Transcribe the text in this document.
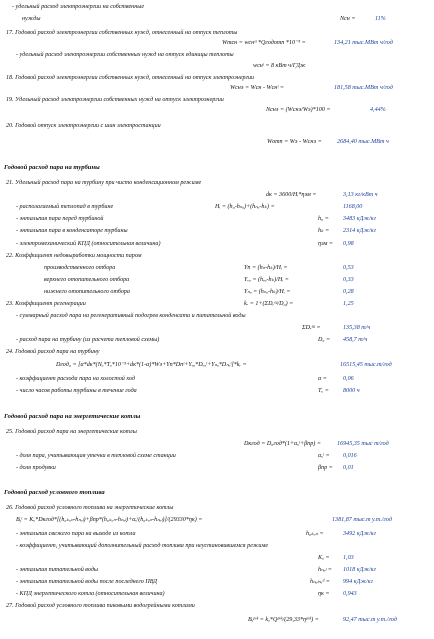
- удельный расход электроэнергии на собственные
нужды	Nсн =	11%
17. Годовой расход электроэнергии собственных нужд, отнесенный на отпуск теплоты
Wтсн = wснˢᵗ *Qгодотп *10⁻³ =	134,21 тыс.МВт ч/год
- удельный расход электроэнергии собственных нужд на отпуск единицы теплоты
wснᵗ = 8 кВт ч/ГДж
18. Годовой расход электроэнергии собственных нужд, отнесенный на отпуск электроэнергии
Wснэ = Wсн - Wснᵗ =	181,58 тыс.МВт ч/год
19. Удельный расход электроэнергии собственных нужд на отпуск электроэнергии
Nснэ = (Wснэ/Wэ)*100 =	4,44%
20. Годовой отпуск электроэнергии с шин электростанции
Wотп = Wэ - Wснэ =	2684,40 тыс.МВт ч
Годовой расход пара на турбины
21. Удельный расход пара на турбину при чисто конденсационном режиме
dк = 3600/Hᵢ*ηэм =	3,13 кг/кВт ч
- располагаемый теплопад в турбине	Hᵢ = (h₀-hₙₒ)+(hₙₒ-hₖ) =	1168,00
- энтальпия пара перед турбиной	h₀ = 3483 кДж/кг
- энтальпия пара в конденсаторе турбины	hₖ = 2314 кДж/кг
- электромеханический КПД (относительная величина)	ηэм = 0,98
22. Коэффициент недовыработки мощности паром
производственного отбора	Yп = (hₙ-hₖ)/Hᵢ =	0,53
верхнего отопительного отбора	Yᵥₒ = (hᵥₒ-hₖ)/Hᵢ =	0,33
нижнего отопительного отбора	Yₙₒ = (hₙₒ-hₖ)/Hᵢ =	0,28
23. Коэффициент регенерации	kᵣ = 1+(ΣDᵣᵉᵍ/D₀) =	1,25
- суммарный расход пара на регенеративный подогрев конденсата и питательной воды
ΣDᵣᵉᵍ =	135,38 т/ч
- расход пара на турбину (из расчета тепловой схемы)	D₀ = 458,7 т/ч
24. Годовой расход пара на турбину
Dгод₀ = [α*dк*(Nᵤ*Tᵤ*10⁻³+dк*(1-α)*Wэ+Yп*Dпᵗ+Yᵥₒ*Dᵥₒᵗ+Yₙₒ*Dₙₒᵗ]*kᵣ =	16515,45 тыс.т/год
- коэффициент расхода пара на холостой ход	α =	0,06
- число часов работы турбины в течение года	Tᵤ = 8000 ч
Годовой расход пара на энергетические котлы
25. Годовой расход пара на энергетические котлы
Dкгод = D₀год*(1+αᵤᵗ+βпр) =	16945,35 тыс т/год
- доля пара, учитывающая утечки в тепловой схеме станции	αᵤᵗ = 0,016
- доля продувки	βпр = 0,01
Годовой расход условного топлива
26. Годовой расход условного топлива на энергетические котлы
Bᵧᵗ = Kᵤ*Dкгод*[(h₀ₖₒₙ-hₙₒₗ)+βпр*(h₀ₖₒₙ-hₙₒₗ)+αᵤᵗ(h₀ₖₒₙ-hₙₒₗ)]/(29330*ηк) =	1381,87 тыс.т у.т./год
- энтальпия свежего пара на выходе из котла	h₀ₖₒₙ =	3492 кДж/кг
- коэффициент, учитывающий дополнительный расход топлива при неустановившемся режиме
Kᵤ = 1,03
- энтальпия питательной воды	hₙₒₗ = 1018 кДж/кг
- энтальпия питательной воды после последнего ПВД	hₙₒₗₙᵥᵈ = 994 кДж/кг
- КПД энергетического котла (относительная величина)	ηк = 0,943
27. Годовой расход условного топлива пиковыми водогрейными котлами
Bᵧᵖᵛᵏ = kᵤ*Qᵖᵛᵏ/(29,33*ηᵖᵛᵏ) =	92,47 тыс.т у.т./год
